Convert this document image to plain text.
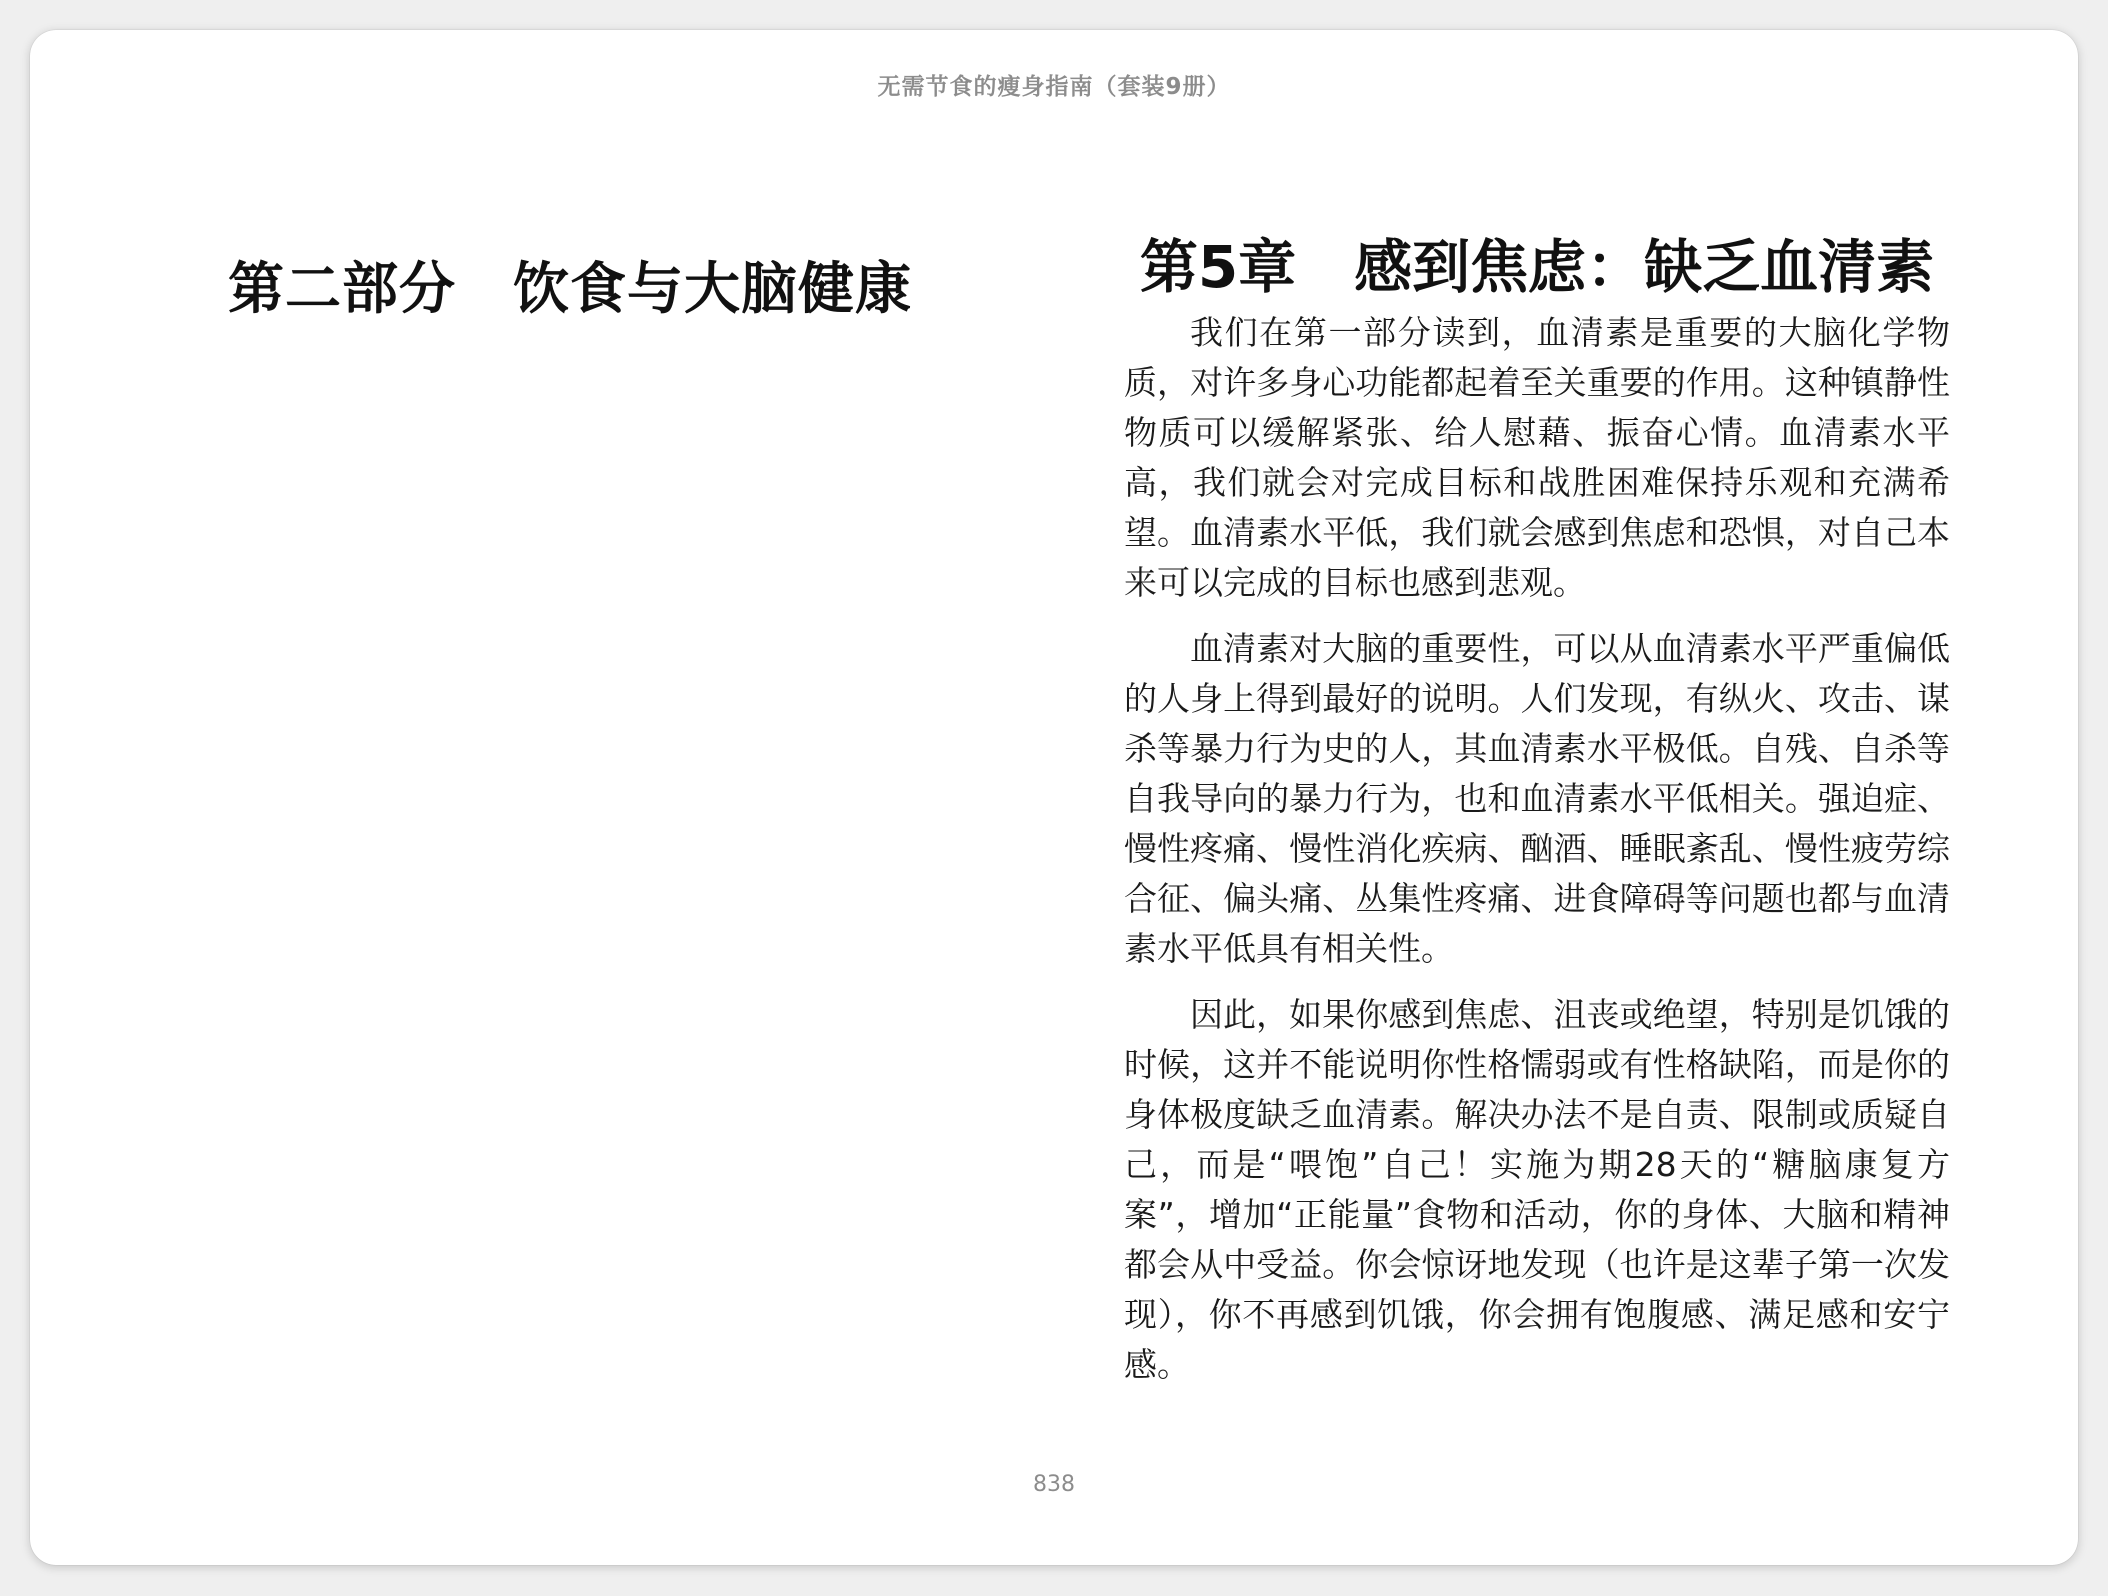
无需节食的瘦身指南（套装9册）
第二部分　饮食与大脑健康	第5章　感到焦虑：缺乏血清素

我们在第一部分读到，血清素是重要的大脑化学物质，对许多身心功能都起着至关重要的作用。这种镇静性物质可以缓解紧张、给人慰藉、振奋心情。血清素水平高，我们就会对完成目标和战胜困难保持乐观和充满希望。血清素水平低，我们就会感到焦虑和恐惧，对自己本来可以完成的目标也感到悲观。

血清素对大脑的重要性，可以从血清素水平严重偏低的人身上得到最好的说明。人们发现，有纵火、攻击、谋杀等暴力行为史的人，其血清素水平极低。自残、自杀等自我导向的暴力行为，也和血清素水平低相关。强迫症、慢性疼痛、慢性消化疾病、酗酒、睡眠紊乱、慢性疲劳综合征、偏头痛、丛集性疼痛、进食障碍等问题也都与血清素水平低具有相关性。

因此，如果你感到焦虑、沮丧或绝望，特别是饥饿的时候，这并不能说明你性格懦弱或有性格缺陷，而是你的身体极度缺乏血清素。解决办法不是自责、限制或质疑自己，而是“喂饱”自己！实施为期28天的“糖脑康复方案”，增加“正能量”食物和活动，你的身体、大脑和精神都会从中受益。你会惊讶地发现（也许是这辈子第一次发现），你不再感到饥饿，你会拥有饱腹感、满足感和安宁感。

838
